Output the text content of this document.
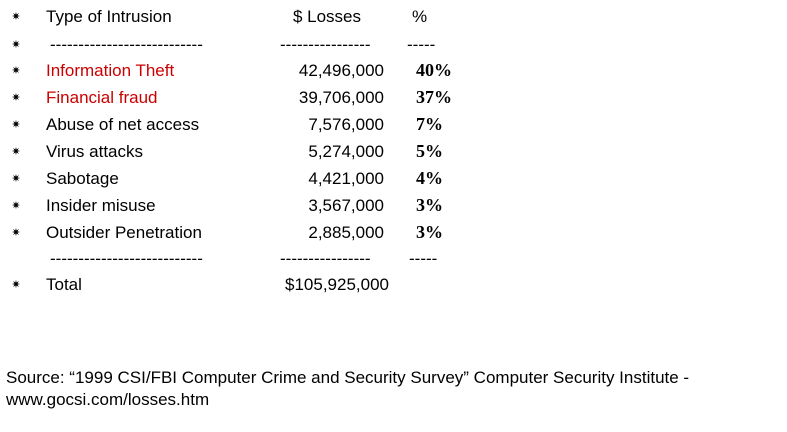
✷ Type of Intrusion	$ Losses	%
✷ ---------------------------	---------------- -----
✷ Information Theft	42,496,000 40%
✷ Financial fraud	39,706,000 37%
✷ Abuse of net access	7,576,000 7%
✷ Virus attacks	5,274,000 5%
✷ Sabotage	4,421,000 4%
✷ Insider misuse	3,567,000 3%
✷ Outsider Penetration	2,885,000 3%
---------------------------	---------------- -----
✷ Total	$105,925,000
Source: “1999 CSI/FBI Computer Crime and Security Survey” Computer Security Institute -
www.gocsi.com/losses.htm
